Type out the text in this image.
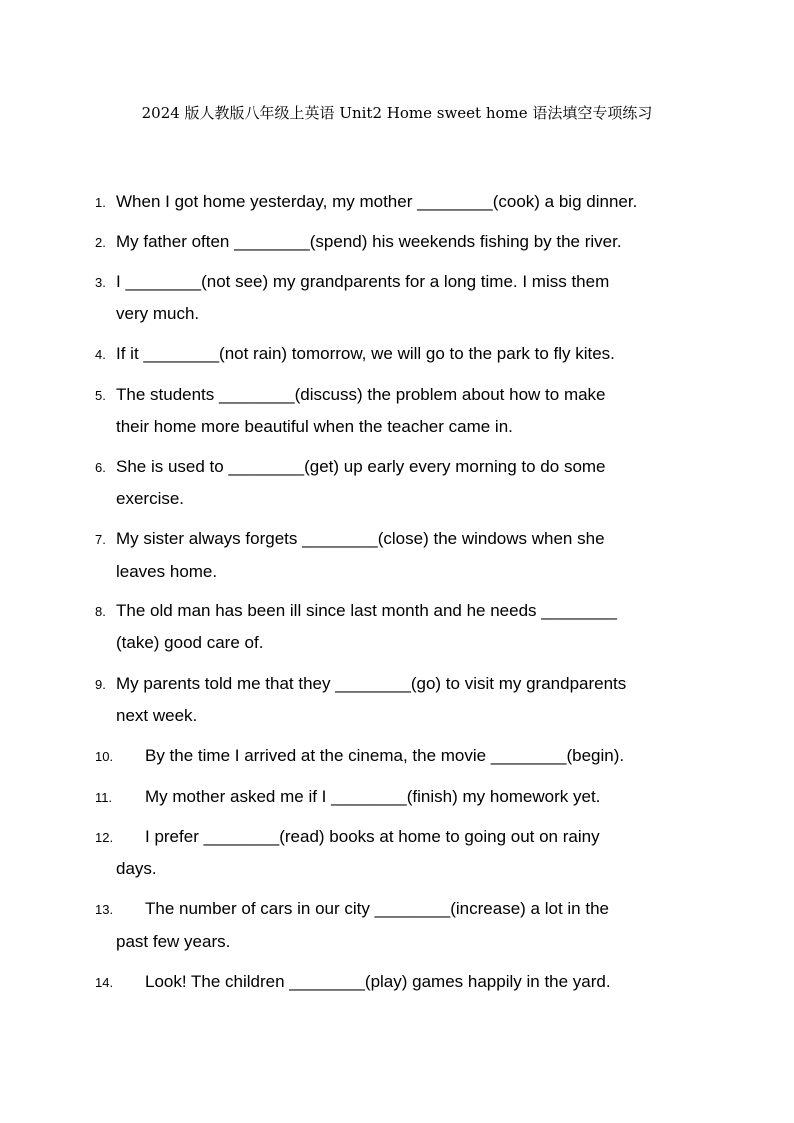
2024 版人教版八年级上英语 Unit2 Home sweet home 语法填空专项练习
1. When I got home yesterday, my mother ________(cook) a big dinner.
2. My father often ________(spend) his weekends fishing by the river.
3. I ________(not see) my grandparents for a long time. I miss them
very much.
4. If it ________(not rain) tomorrow, we will go to the park to fly kites.
5. The students ________(discuss) the problem about how to make
their home more beautiful when the teacher came in.
6. She is used to ________(get) up early every morning to do some
exercise.
7. My sister always forgets ________(close) the windows when she
leaves home.
8. The old man has been ill since last month and he needs ________
(take) good care of.
9. My parents told me that they ________(go) to visit my grandparents
next week.
10. By the time I arrived at the cinema, the movie ________(begin).
11. My mother asked me if I ________(finish) my homework yet.
12. I prefer ________(read) books at home to going out on rainy
days.
13. The number of cars in our city ________(increase) a lot in the
past few years.
14. Look! The children ________(play) games happily in the yard.
